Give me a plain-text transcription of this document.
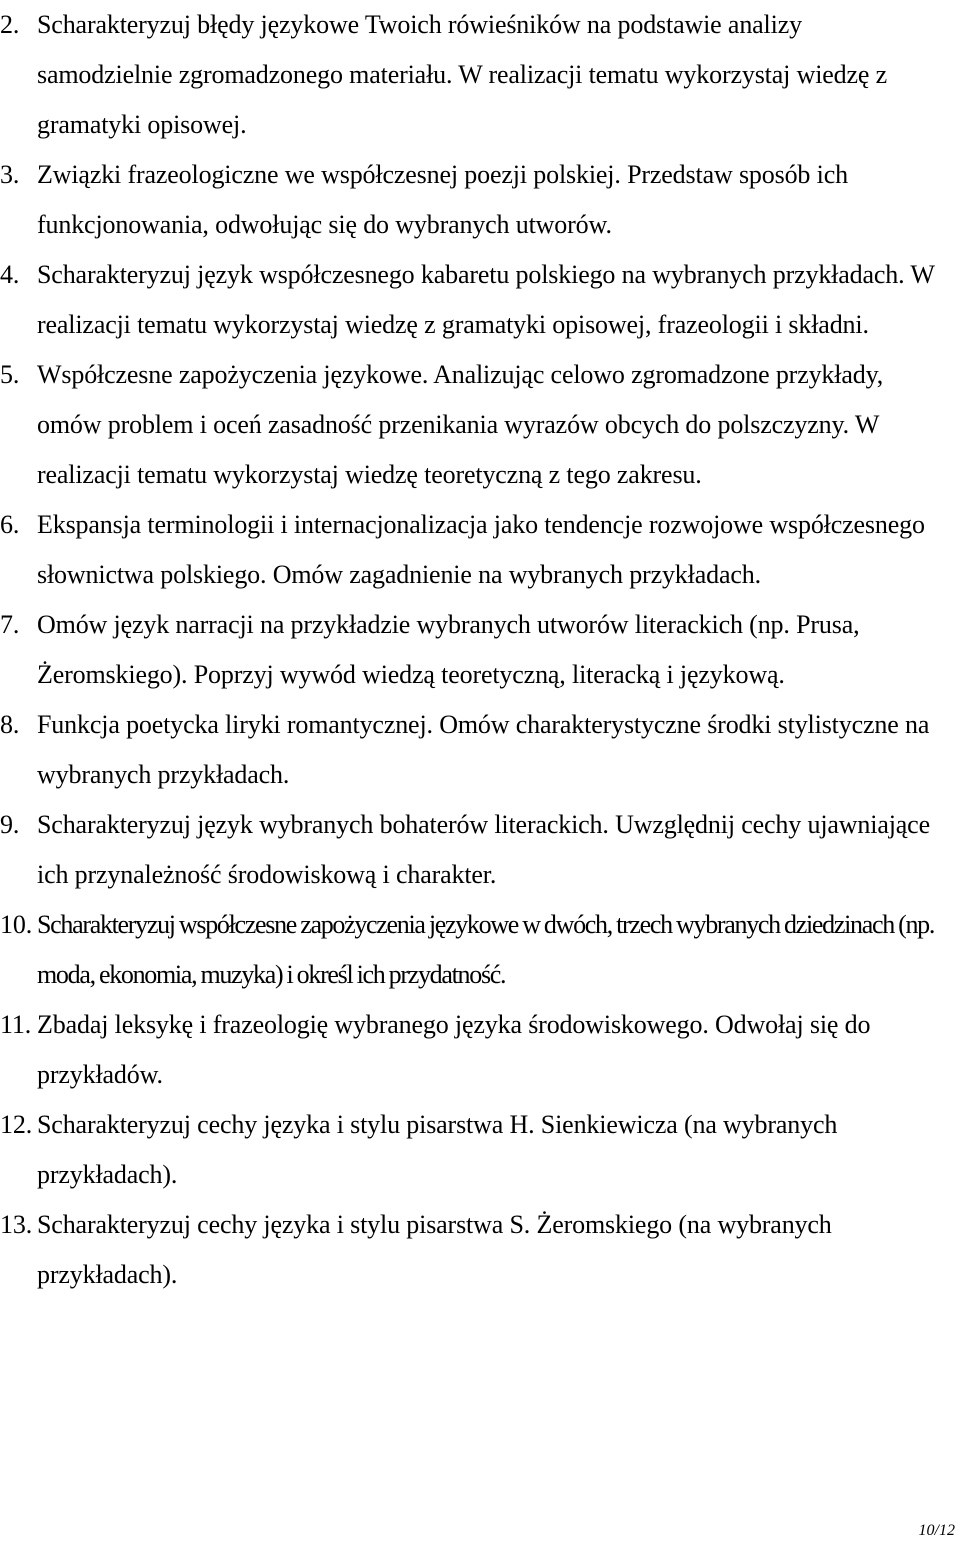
2. Scharakteryzuj błędy językowe Twoich rówieśników na podstawie analizy samodzielnie zgromadzonego materiału. W realizacji tematu wykorzystaj wiedzę z gramatyki opisowej.
3. Związki frazeologiczne we współczesnej poezji polskiej. Przedstaw sposób ich funkcjonowania, odwołując się do wybranych utworów.
4. Scharakteryzuj język współczesnego kabaretu polskiego na wybranych przykładach. W realizacji tematu wykorzystaj wiedzę z gramatyki opisowej, frazeologii i składni.
5. Współczesne zapożyczenia językowe. Analizując celowo zgromadzone przykłady, omów problem i oceń zasadność przenikania wyrazów obcych do polszczyzny. W realizacji tematu wykorzystaj wiedzę teoretyczną z tego zakresu.
6. Ekspansja terminologii i internacjonalizacja jako tendencje rozwojowe współczesnego słownictwa polskiego. Omów zagadnienie na wybranych przykładach.
7. Omów język narracji na przykładzie wybranych utworów literackich (np. Prusa, Żeromskiego). Poprzyj wywód wiedzą teoretyczną, literacką i językową.
8. Funkcja poetycka liryki romantycznej. Omów charakterystyczne środki stylistyczne na wybranych przykładach.
9. Scharakteryzuj język wybranych bohaterów literackich. Uwzględnij cechy ujawniające ich przynależność środowiskową i charakter.
10. Scharakteryzuj współczesne zapożyczenia językowe w dwóch, trzech wybranych dziedzinach (np. moda, ekonomia, muzyka) i określ ich przydatność.
11. Zbadaj leksykę i frazeologię wybranego języka środowiskowego. Odwołaj się do przykładów.
12. Scharakteryzuj cechy języka i stylu pisarstwa H. Sienkiewicza (na wybranych przykładach).
13. Scharakteryzuj cechy języka i stylu pisarstwa S. Żeromskiego (na wybranych przykładach).
10/12
